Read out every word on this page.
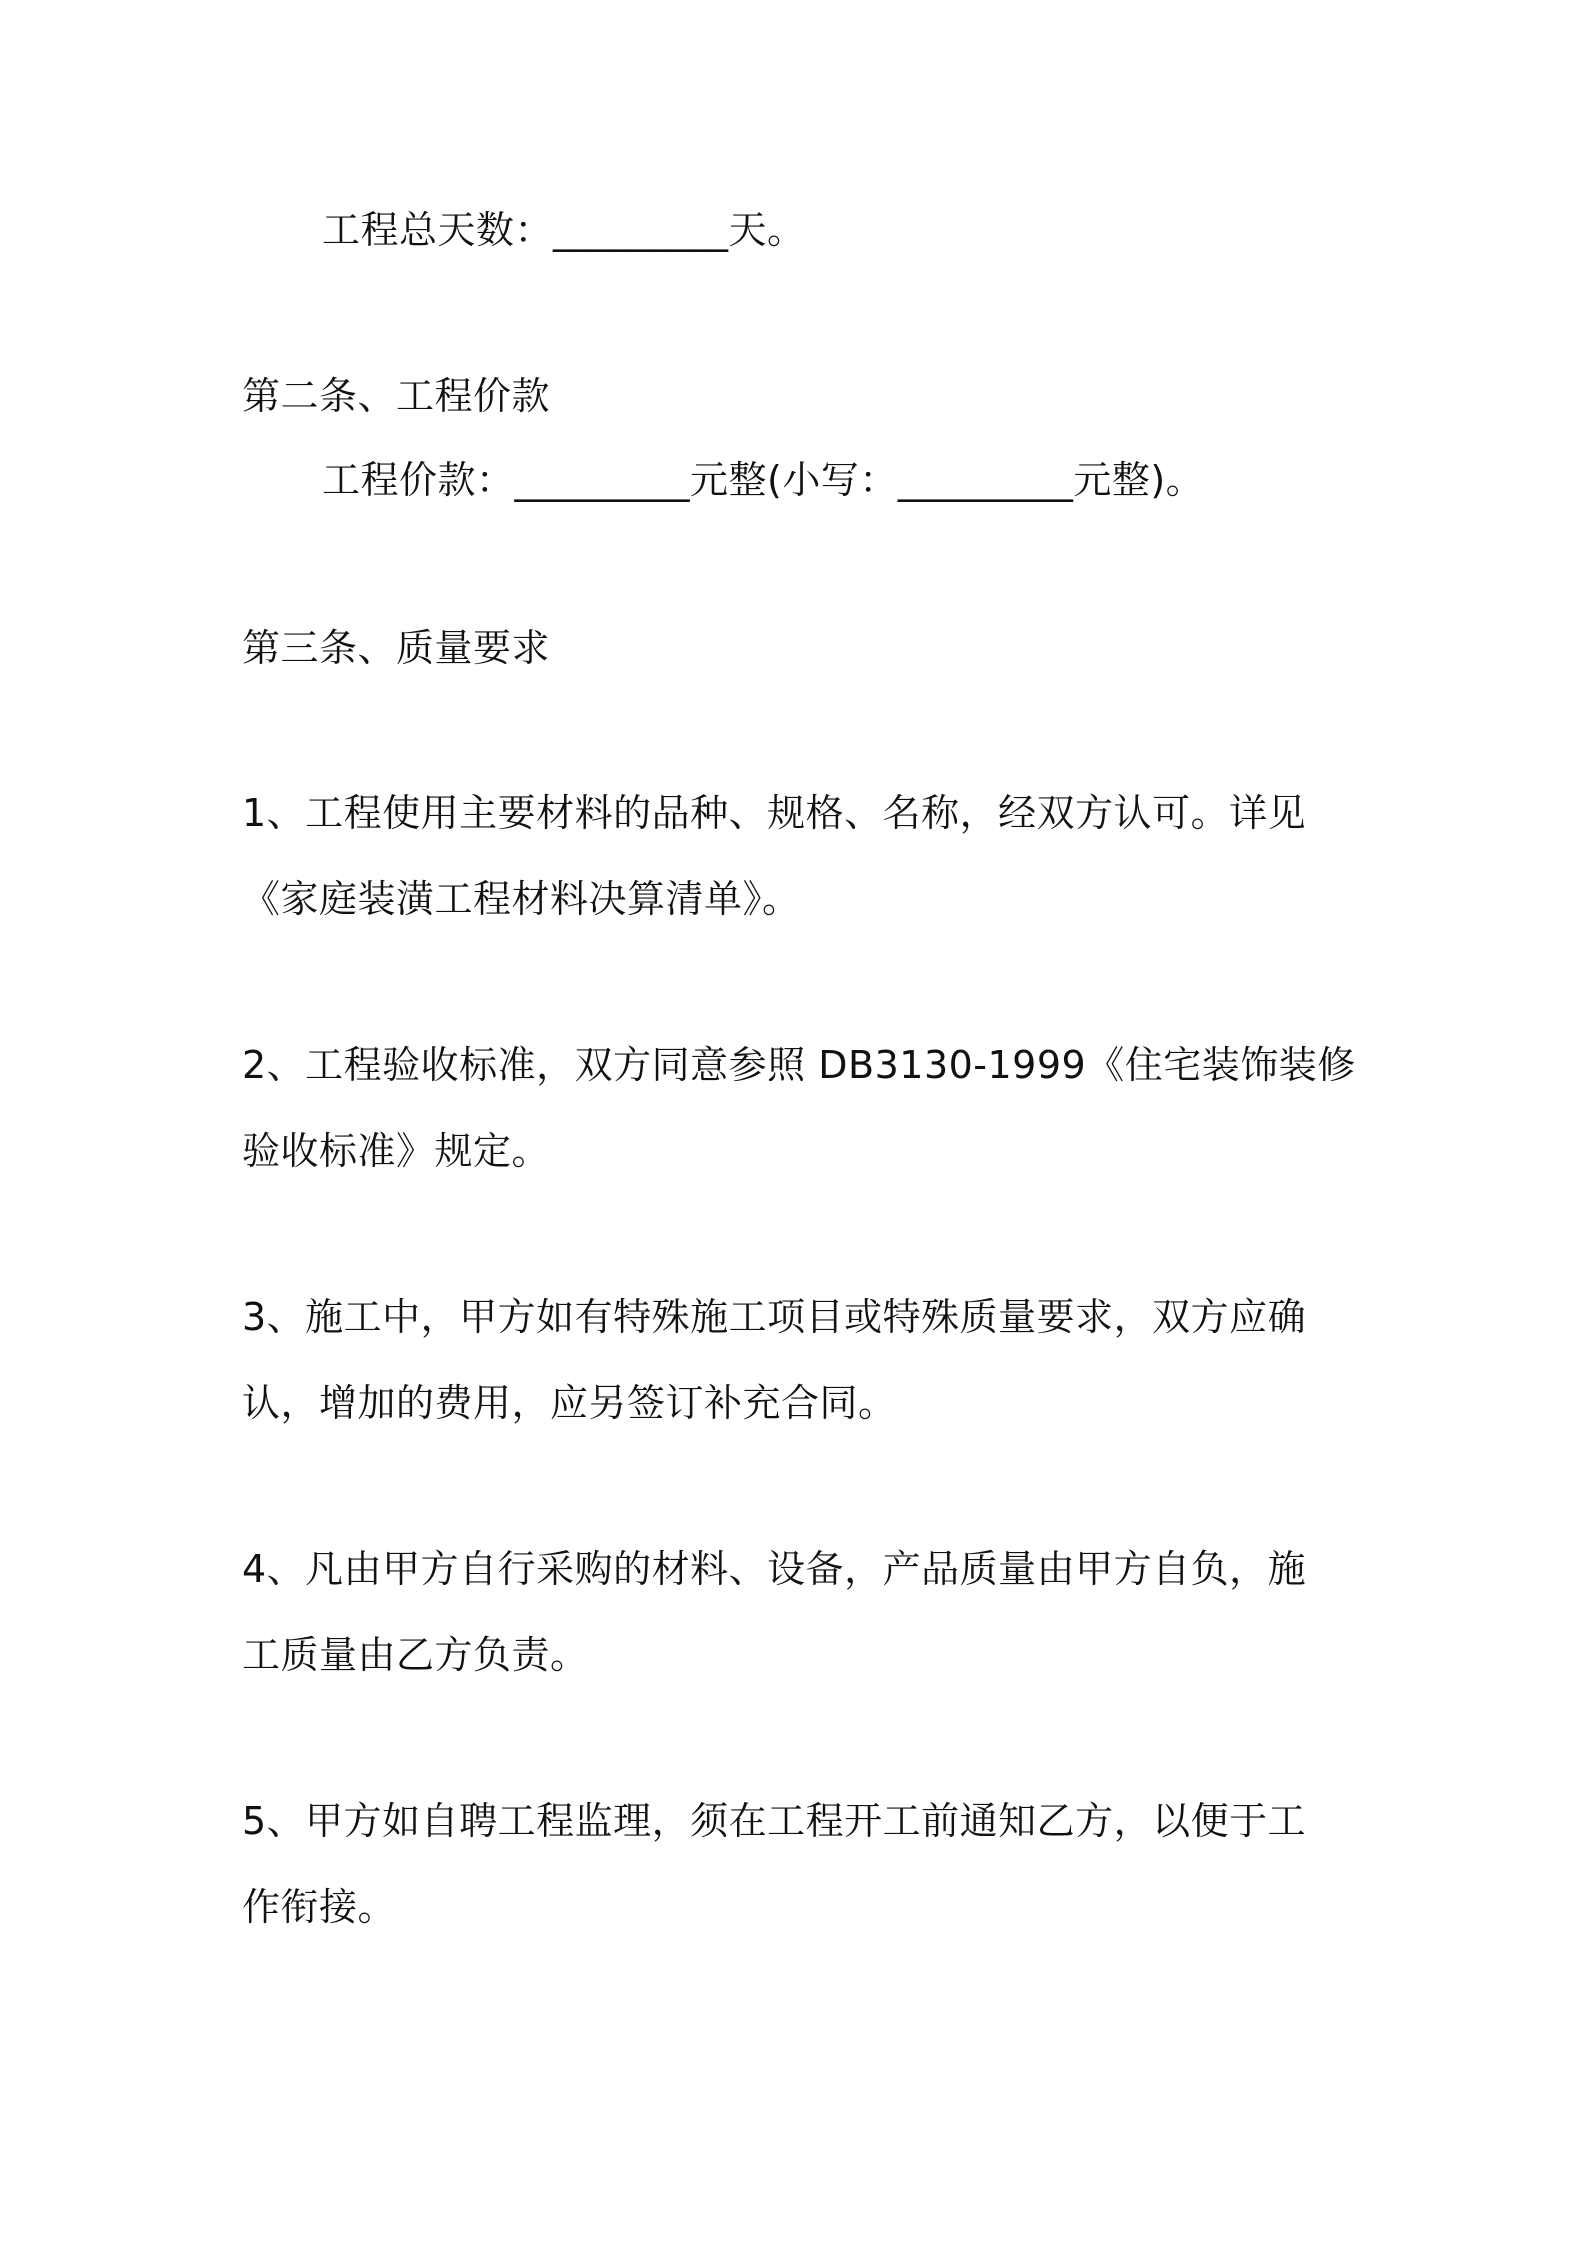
工程总天数：_________天。
第二条、工程价款
工程价款：_________元整(小写：_________元整)。
第三条、质量要求
1、工程使用主要材料的品种、规格、名称，经双方认可。详见
《家庭装潢工程材料决算清单》。
2、工程验收标准，双方同意参照 DB3130-1999《住宅装饰装修
验收标准》规定。
3、施工中，甲方如有特殊施工项目或特殊质量要求，双方应确
认，增加的费用，应另签订补充合同。
4、凡由甲方自行采购的材料、设备，产品质量由甲方自负，施
工质量由乙方负责。
5、甲方如自聘工程监理，须在工程开工前通知乙方，以便于工
作衔接。
